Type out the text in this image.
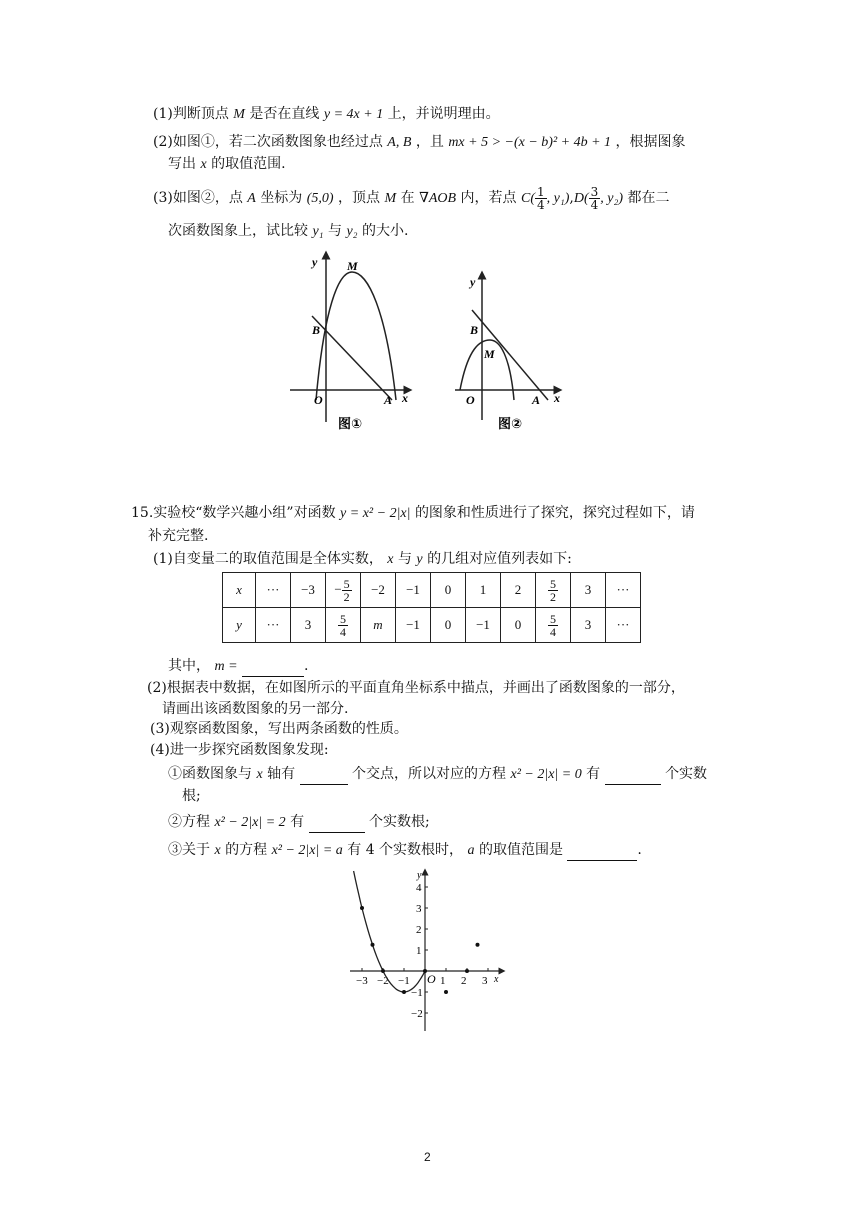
(1)判断顶点 M 是否在直线 y = 4x + 1 上，并说明理由。
(2)如图①，若二次函数图象也经过点 A, B ，且 mx + 5 > −(x − b)² + 4b + 1 ，根据图象
写出 x 的取值范围.
(3)如图②，点 A 坐标为 (5,0) ，顶点 M 在 ∇AOB 内，若点 $C( \frac{1}{4}$ , $y_1),D( \frac{3}{4}$ , y₂) 都在二
次函数图象上，试比较 y₁ 与 y₂ 的大小.
y M
B
O	A x
图①
y
B
M
O	A x
图②
15.实验校“数学兴趣小组”对函数 y = x² − 2|x| 的图象和性质进行了探究，探究过程如下，请
补充完整.
(1)自变量二的取值范围是全体实数， x 与 y 的几组对应值列表如下:
x	···	−3	− $\frac{5}{2}$	−2	−1	0	1	2	$\frac{5}{2}$	3	···
y	···	3	$\frac{5}{4}$	m	−1	0	−1	0	$\frac{5}{4}$	3	···
其中， m =	.
(2)根据表中数据，在如图所示的平面直角坐标系中描点，并画出了函数图象的一部分，
请画出该函数图象的另一部分.
(3)观察函数图象，写出两条函数的性质。
(4)进一步探究函数图象发现:
①函数图象与 x 轴有	个交点，所以对应的方程 x² − 2|x| = 0 有	个实数
根;
②方程 x² − 2|x| = 2 有	个实数根;
③关于 x 的方程 x² − 2|x| = a 有 4 个实数根时， a 的取值范围是	.
−3 −2 −1	1 2 3
4
3
2
1
−1
−2
y
x
O
2
